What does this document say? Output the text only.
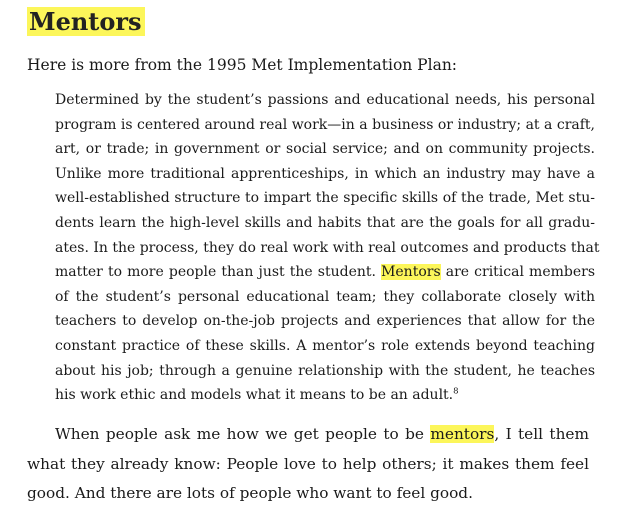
Mentors

Here is more from the 1995 Met Implementation Plan:

Determined by the student’s passions and educational needs, his personal
program is centered around real work—in a business or industry; at a craft,
art, or trade; in government or social service; and on community projects.
Unlike more traditional apprenticeships, in which an industry may have a
well-established structure to impart the specific skills of the trade, Met stu-
dents learn the high-level skills and habits that are the goals for all gradu-
ates. In the process, they do real work with real outcomes and products that
matter to more people than just the student. Mentors are critical members
of the student’s personal educational team; they collaborate closely with
teachers to develop on-the-job projects and experiences that allow for the
constant practice of these skills. A mentor’s role extends beyond teaching
about his job; through a genuine relationship with the student, he teaches
his work ethic and models what it means to be an adult.$^8$
When people ask me how we get people to be mentors, I tell them
what they already know: People love to help others; it makes them feel
good. And there are lots of people who want to feel good.
